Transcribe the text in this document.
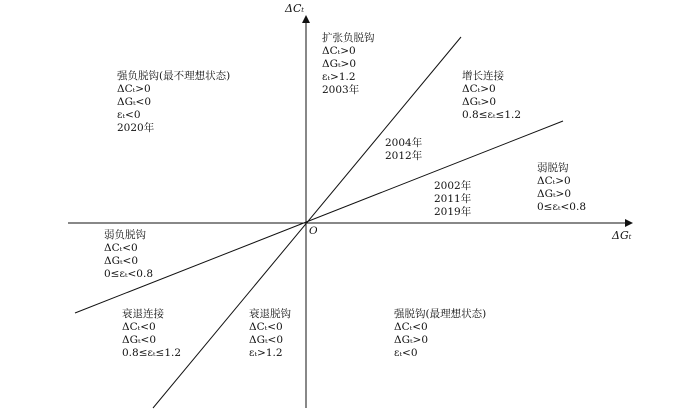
ΔCₜ
ΔGₜ
O
强负脱钩(最不理想状态)
ΔCₜ>0
ΔGₜ<0
εₜ<0
2020年
扩张负脱钩
ΔCₜ>0
ΔGₜ>0
εₜ>1.2
2003年
增长连接
ΔCₜ>0
ΔGₜ>0
0.8≤εₜ≤1.2
2004年
2012年
2002年
2011年
2019年
弱脱钩
ΔCₜ>0
ΔGₜ>0
0≤εₜ<0.8
弱负脱钩
ΔCₜ<0
ΔGₜ<0
0≤εₜ<0.8
衰退连接
ΔCₜ<0
ΔGₜ<0
0.8≤εₜ≤1.2
衰退脱钩
ΔCₜ<0
ΔGₜ<0
εₜ>1.2
强脱钩(最理想状态)
ΔCₜ<0
ΔGₜ>0
εₜ<0
